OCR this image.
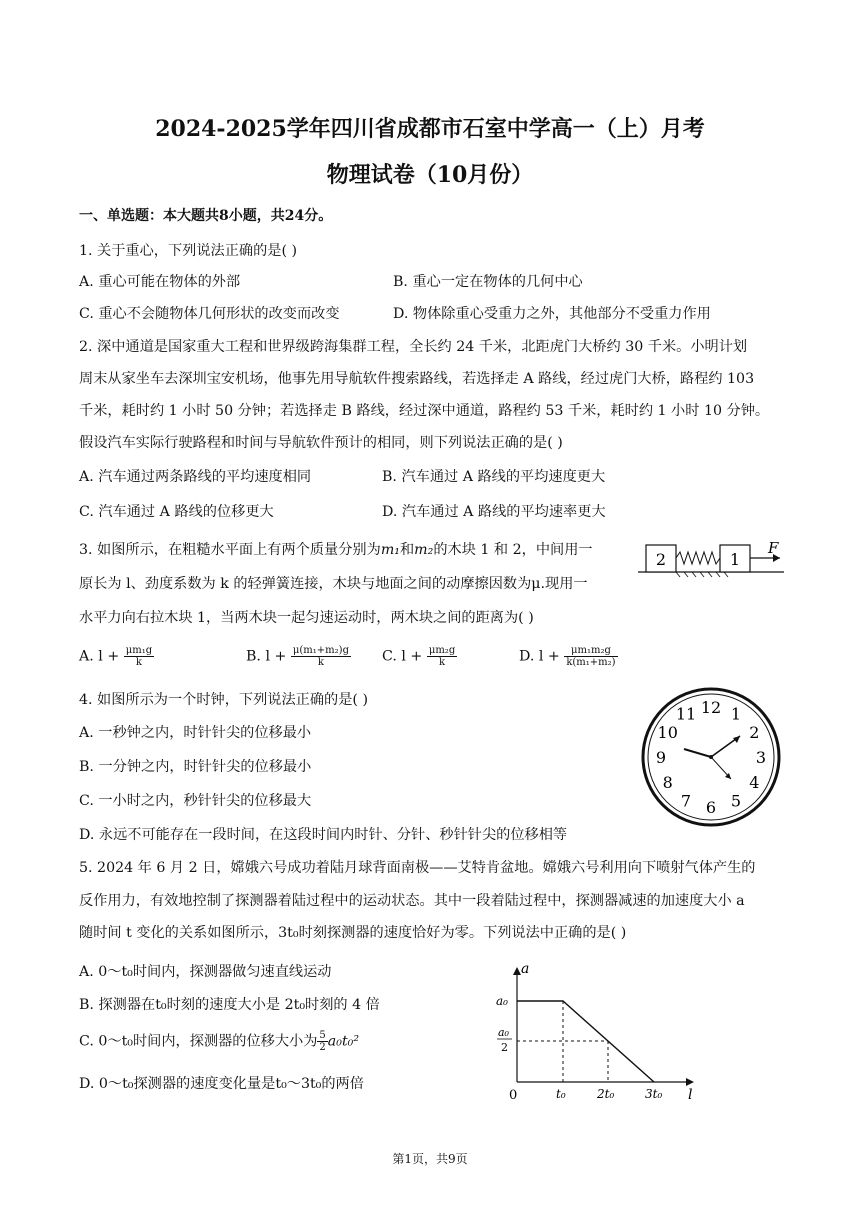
2024-2025学年四川省成都市石室中学高一（上）月考
物理试卷（10月份）
一、单选题：本大题共8小题，共24分。
1. 关于重心，下列说法正确的是( )
A. 重心可能在物体的外部	B. 重心一定在物体的几何中心
C. 重心不会随物体几何形状的改变而改变	D. 物体除重心受重力之外，其他部分不受重力作用
2. 深中通道是国家重大工程和世界级跨海集群工程，全长约 24 千米，北距虎门大桥约 30 千米。小明计划
周末从家坐车去深圳宝安机场，他事先用导航软件搜索路线，若选择走 A 路线，经过虎门大桥，路程约 103
千米，耗时约 1 小时 50 分钟；若选择走 B 路线，经过深中通道，路程约 53 千米，耗时约 1 小时 10 分钟。
假设汽车实际行驶路程和时间与导航软件预计的相同，则下列说法正确的是( )
A. 汽车通过两条路线的平均速度相同	B. 汽车通过 A 路线的平均速度更大
C. 汽车通过 A 路线的位移更大	D. 汽车通过 A 路线的平均速率更大
3. 如图所示，在粗糙水平面上有两个质量分别为m₁和m₂的木块 1 和 2，中间用一
原长为 l、劲度系数为 k 的轻弹簧连接，木块与地面之间的动摩擦因数为μ.现用一
水平力向右拉木块 1，当两木块一起匀速运动时，两木块之间的距离为( )
A. $l + \frac{\text{μm₁g}}{k}$	B. $l + \frac{\text{μ(m₁+m₂)g}}{k} C$. $l + \frac{\text{μm₂g}}{k}$	D. $l + \frac{\text{μm₁m₂g}}{\text{k(m₁+m₂)}}$
2	1
F
4. 如图所示为一个时钟，下列说法正确的是( )
A. 一秒钟之内，时针针尖的位移最小
B. 一分钟之内，时针针尖的位移最小
C. 一小时之内，秒针针尖的位移最大
D. 永远不可能存在一段时间，在这段时间内时针、分针、秒针针尖的位移相等
12 1
2
3
4
5
6
7
8
9
10
11
5. 2024 年 6 月 2 日，嫦娥六号成功着陆月球背面南极——艾特肯盆地。嫦娥六号利用向下喷射气体产生的
反作用力，有效地控制了探测器着陆过程中的运动状态。其中一段着陆过程中，探测器减速的加速度大小 a
随时间 t 变化的关系如图所示，3t₀时刻探测器的速度恰好为零。下列说法中正确的是( )
A. 0～t₀时间内，探测器做匀速直线运动
B. 探测器在t₀时刻的速度大小是 2t₀时刻的 4 倍
C. 0～t₀时间内，探测器的位移大小为 $\frac{5}{2} a_0t_0^2$
D. 0～t₀探测器的速度变化量是t₀～3t₀的两倍
a
l
0
a₀
a₀
2
t₀	2t₀	3t₀
第1页，共9页
